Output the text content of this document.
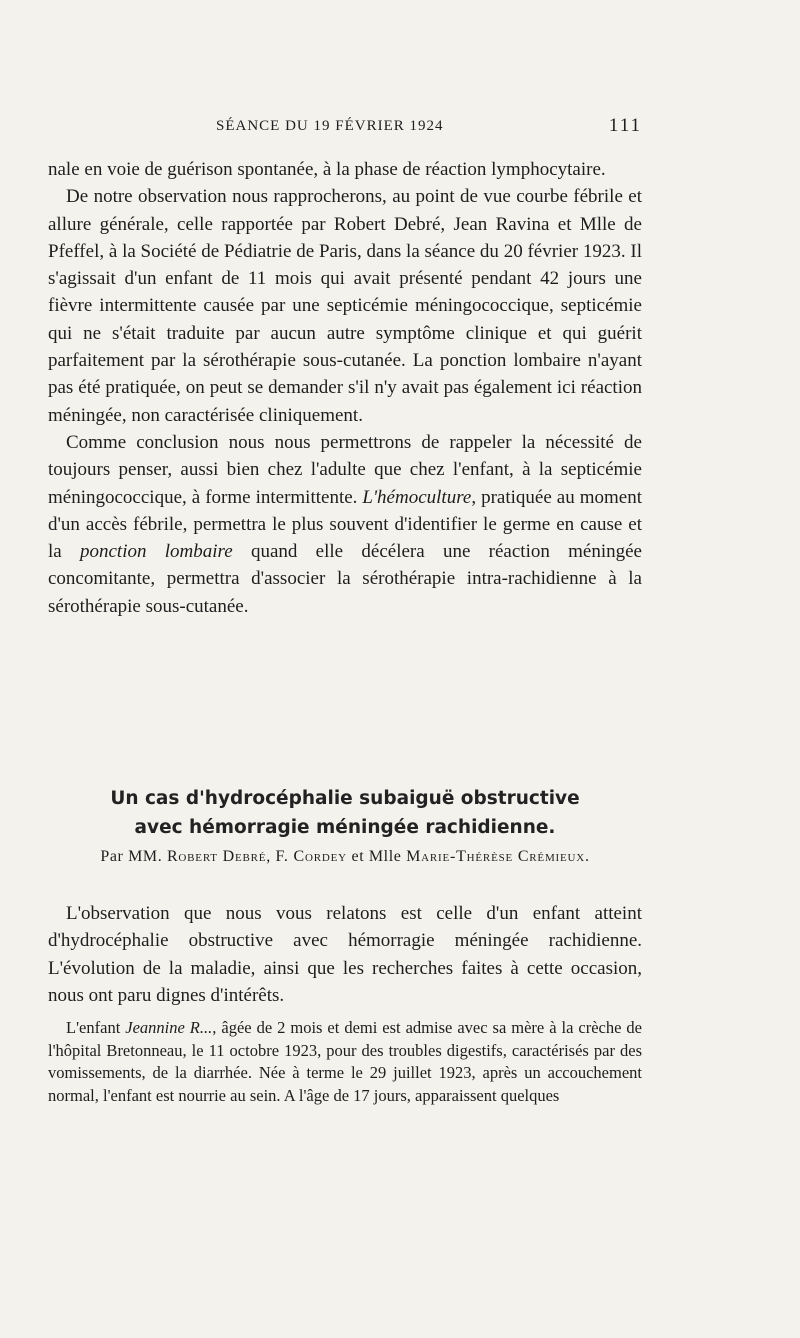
SÉANCE DU 19 FÉVRIER 1924	111

nale en voie de guérison spontanée, à la phase de réaction lymphocytaire.

De notre observation nous rapprocherons, au point de vue courbe fébrile et allure générale, celle rapportée par Robert Debré, Jean Ravina et Mlle de Pfeffel, à la Société de Pédiatrie de Paris, dans la séance du 20 février 1923. Il s'agissait d'un enfant de 11 mois qui avait présenté pendant 42 jours une fièvre intermittente causée par une septicémie méningococcique, septicémie qui ne s'était traduite par aucun autre symptôme clinique et qui guérit parfaitement par la sérothérapie sous-cutanée. La ponction lombaire n'ayant pas été pratiquée, on peut se demander s'il n'y avait pas également ici réaction méningée, non caractérisée cliniquement.

Comme conclusion nous nous permettrons de rappeler la nécessité de toujours penser, aussi bien chez l'adulte que chez l'enfant, à la septicémie méningococcique, à forme intermittente. L'hémoculture, pratiquée au moment d'un accès fébrile, permettra le plus souvent d'identifier le germe en cause et la ponction lombaire quand elle décélera une réaction méningée concomitante, permettra d'associer la sérothérapie intra-rachidienne à la sérothérapie sous-cutanée.

Un cas d'hydrocéphalie subaiguë obstructive
avec hémorragie méningée rachidienne.
Par MM. Robert Debré, F. Cordey et Mlle Marie-Thérèse Crémieux.

L'observation que nous vous relatons est celle d'un enfant atteint d'hydrocéphalie obstructive avec hémorragie méningée rachidienne. L'évolution de la maladie, ainsi que les recherches faites à cette occasion, nous ont paru dignes d'intérêts.

L'enfant Jeannine R..., âgée de 2 mois et demi est admise avec sa mère à la crèche de l'hôpital Bretonneau, le 11 octobre 1923, pour des troubles digestifs, caractérisés par des vomissements, de la diarrhée. Née à terme le 29 juillet 1923, après un accouchement normal, l'enfant est nourrie au sein. A l'âge de 17 jours, apparaissent quelques
